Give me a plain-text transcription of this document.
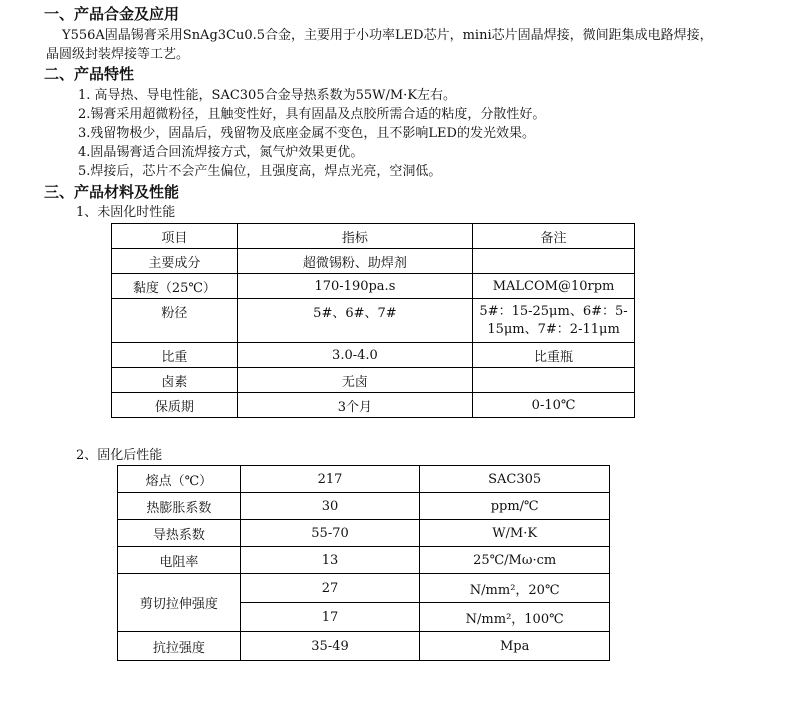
一、产品合金及应用
Y556A固晶锡膏采用SnAg3Cu0.5合金，主要用于小功率LED芯片，mini芯片固晶焊接，微间距集成电路焊接，
晶圆级封装焊接等工艺。
二、产品特性
1. 高导热、导电性能，SAC305合金导热系数为55W/M·K左右。
2.锡膏采用超微粉径，且触变性好，具有固晶及点胶所需合适的粘度，分散性好。
3.残留物极少，固晶后，残留物及底座金属不变色，且不影响LED的发光效果。
4.固晶锡膏适合回流焊接方式，氮气炉效果更优。
5.焊接后，芯片不会产生偏位，且强度高，焊点光亮，空洞低。
三、产品材料及性能
1、未固化时性能
项目	指标	备注
主要成分	超微锡粉、助焊剂	
黏度（25℃）	170-190pa.s	MALCOM@10rpm
粉径	5#、6#、7#	5#：15-25μm、6#：5-
15μm、7#：2-11μm

比重	3.0-4.0	比重瓶
卤素	无卤	
保质期	3个月	0-10℃
2、固化后性能
熔点（℃）	217	SAC305
热膨胀系数	30	ppm/℃
导热系数	55-70	W/M·K
电阻率	13	25℃/Mω·cm
剪切拉伸强度	27	N/mm²，20℃
	17	N/mm²，100℃
抗拉强度	35-49	Mpa
